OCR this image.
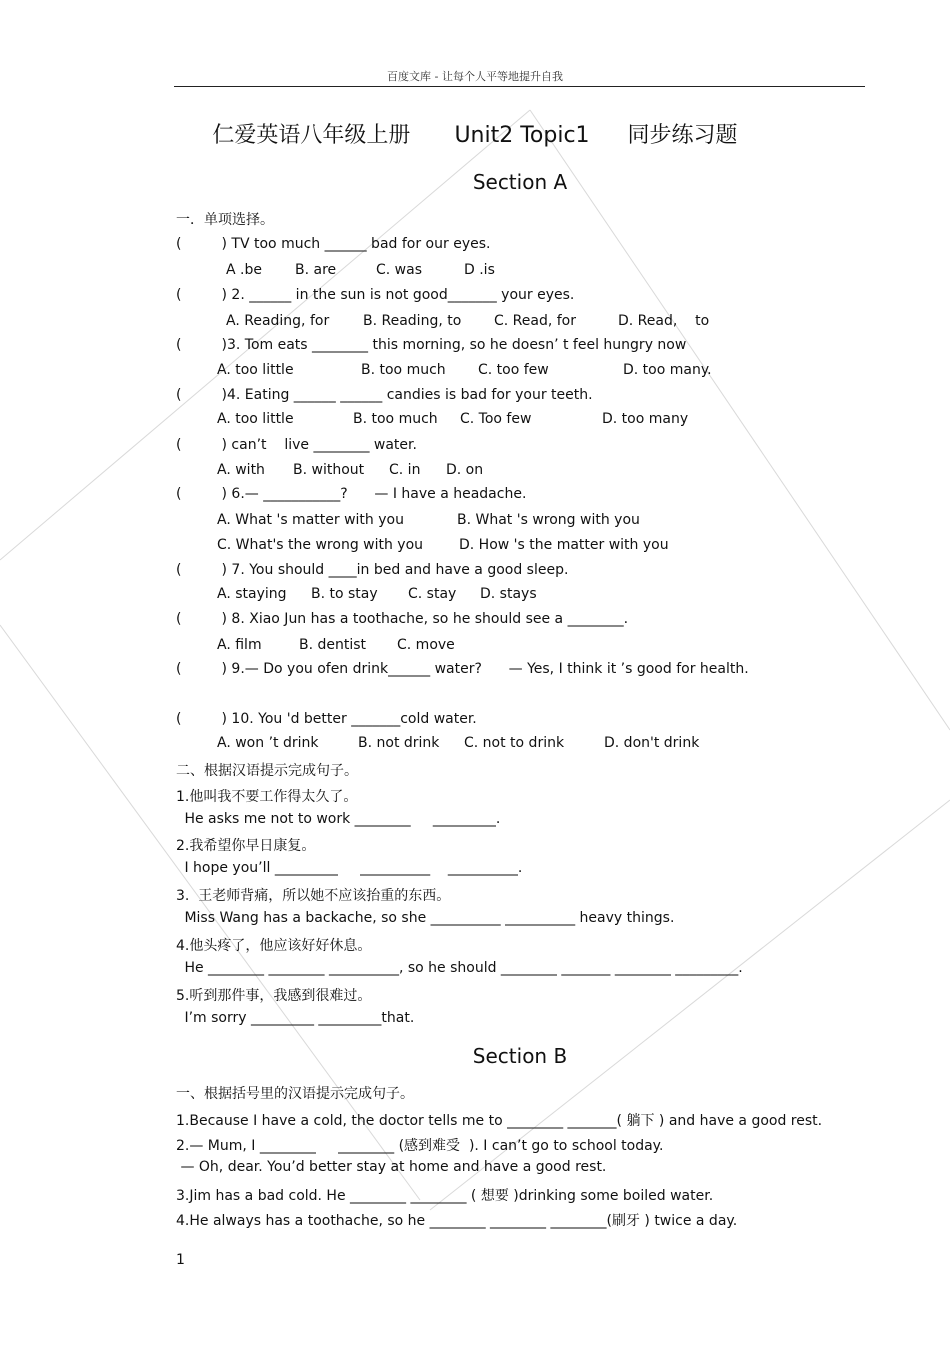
百度文库 - 让每个人平等地提升自我
仁爱英语八年级上册 Unit2 Topic1 同步练习题
Section A
一．单项选择。
(         ) TV too much ______ bad for our eyes.
A .be B. are	C. was	D .is
(         ) 2. ______ in the sun is not good_______ your eyes.
A. Reading, for B. Reading, to C. Read, for	D. Read,    to
(         )3. Tom eats ________ this morning, so he doesn’ t feel hungry now
A. too little	B. too much C. too few	D. too many.
(         )4. Eating ______ ______ candies is bad for your teeth.
A. too little	B. too much C. Too few	D. too many
(         ) can’t    live ________ water.
A. with B. without C. in D. on
(         ) 6.— ___________?      — I have a headache.
A. What 's matter with you	B. What 's wrong with you
C. What's the wrong with you	D. How 's the matter with you
(         ) 7. You should ____in bed and have a good sleep.
A. staying B. to stay C. stay D. stays
(         ) 8. Xiao Jun has a toothache, so he should see a ________.
A. film	B. dentist C. move
(         ) 9.— Do you ofen drink______ water?      — Yes, I think it ’s good for health.
(         ) 10. You 'd better _______cold water.
A. won ’t drink	B. not drink C. not to drink	D. don't drink
二、根据汉语提示完成句子。
1.他叫我不要工作得太久了。
He asks me not to work ________     _________.
2.我希望你早日康复。
I hope you’ll _________     __________    __________.
3.  王老师背痛，所以她不应该抬重的东西。
Miss Wang has a backache, so she __________ __________ heavy things.
4.他头疼了，他应该好好休息。
He ________ ________ __________, so he should ________ _______ ________ _________.
5.听到那件事，我感到很难过。
I’m sorry _________ _________that.
Section B
一、根据括号里的汉语提示完成句子。
1.Because I have a cold, the doctor tells me to ________ _______( 躺下 ) and have a good rest.
2.— Mum, I ________     ________ (感到难受  ). I can’t go to school today.
— Oh, dear. You’d better stay at home and have a good rest.
3.Jim has a bad cold. He ________ ________ ( 想要 )drinking some boiled water.
4.He always has a toothache, so he ________ ________ ________(刷牙 ) twice a day.
1
